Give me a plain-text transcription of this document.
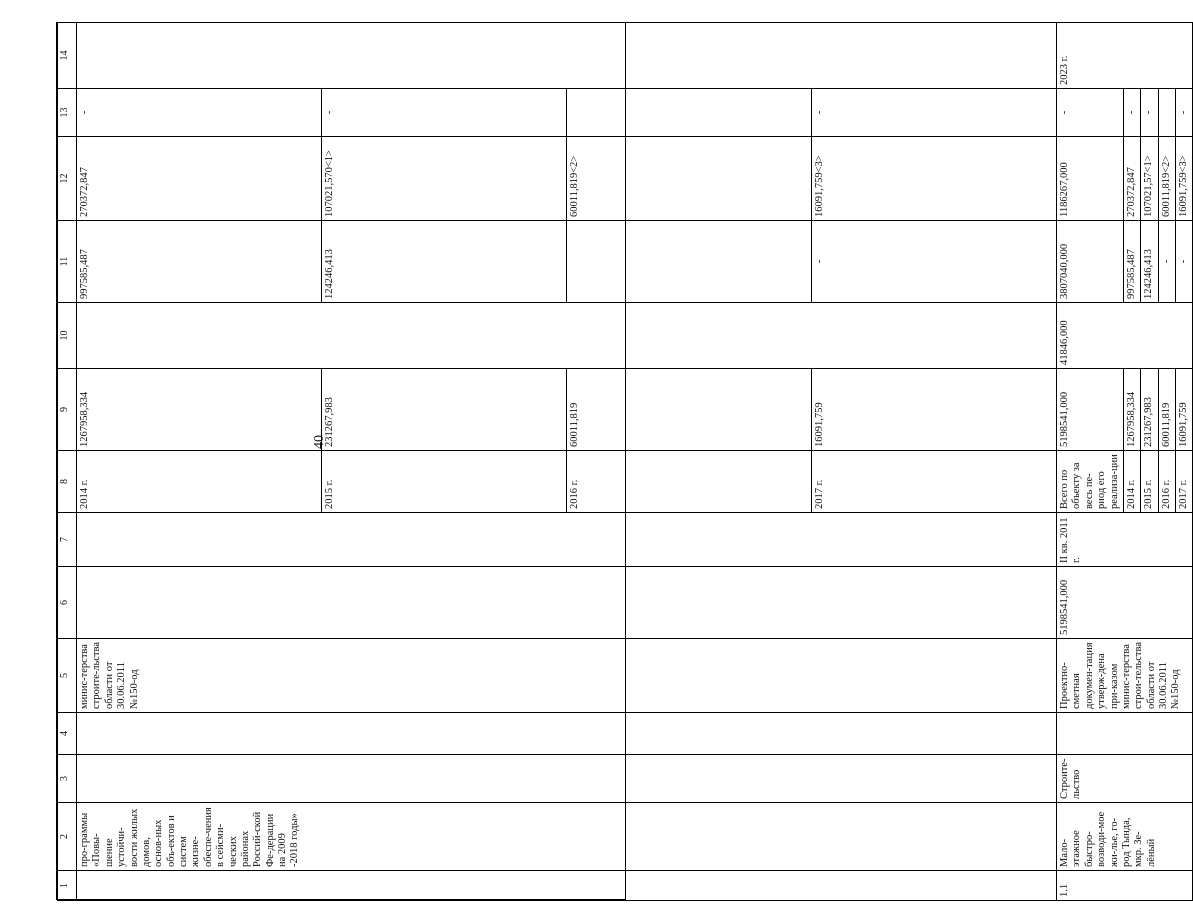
40
1	2	3	4	5	6	7	8	9	10	11	12	13	14
	про-граммы «Повы-шение устойчи-вости жилых домов, основ-ных объ-ектов и систем жизне-обеспе-чения в сейсми-ческих районах Россий-ской Фе-дерации на 2009 -2018 годы»			минис-терства строите-льства области от 30.06.2011 №150-од			2014 г.	1267958,334		997585,487	270372,847	-	
							2015 г.	231267,983		124246,413	107021,570<1>	-	
							2016 г.	60011,819			60011,819<2>		
							2017 г.	16091,759		-	16091,759<3>	-	
1.1	Мало-этажное быстро-возводи-мое жи-лье, го-род Тында, мкр. Зе-лёный	Строите-льство		Проектно-сметная докумен-тация утверж-дена при-казом минис-терства строи-тельства области от 30.06.2011 №150-од	5198541,000	II кв. 2011 г.	Всего по объекту за весь пе-риод его реализа-ции	5198541,000	41846,000	3807040,000	1186267,000	-	2023 г.
							2014 г.	1267958,334		997585,487	270372,847	-	
							2015 г.	231267,983		124246,413	107021,57<1>	-	
							2016 г.	60011,819		-	60011,819<2>		
							2017 г.	16091,759		-	16091,759<3>	-	
